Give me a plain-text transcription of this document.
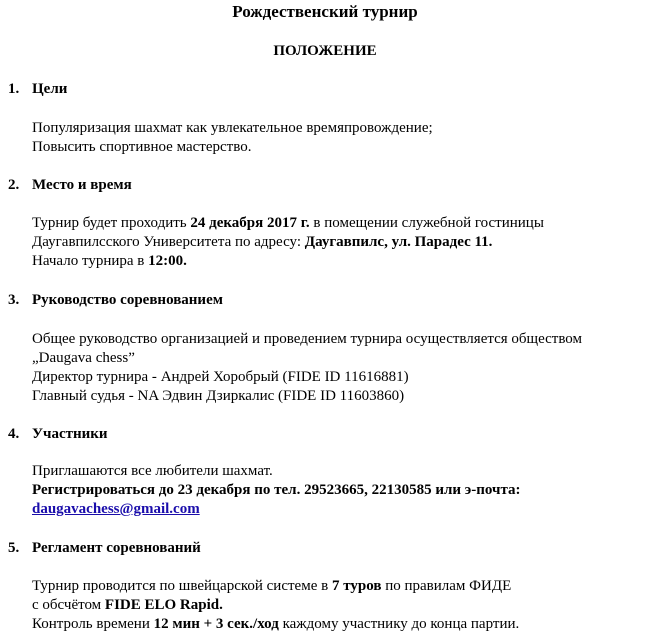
Рождественский турнир
ПОЛОЖЕНИЕ
1. Цели
Популяризация шахмат как увлекательное времяпровождение;
Повысить спортивное мастерство.
2. Место и время
Турнир будет проходить 24 декабря 2017 г. в помещении служебной гостиницы
Даугавпилсского Университета по адресу: Даугавпилс, ул. Парадес 11.
Начало турнира в 12:00.
3. Руководство соревнованием
Общее руководство организацией и проведением турнира осуществляется обществом
„Daugava chess”
Директор турнира - Андрей Хоробрый (FIDE ID 11616881)
Главный судья - NA Эдвин Дзиркалис (FIDE ID 11603860)
4. Участники
Приглашаются все любители шахмат.
Регистрироваться до 23 декабря по тел. 29523665, 22130585 или э-почта:
daugavachess@gmail.com
5. Регламент соревнований
Турнир проводится по швейцарской системе в 7 туров по правилам ФИДЕ
с обсчётом FIDE ELO Rapid.
Контроль времени 12 мин + 3 сек./ход каждому участнику до конца партии.
